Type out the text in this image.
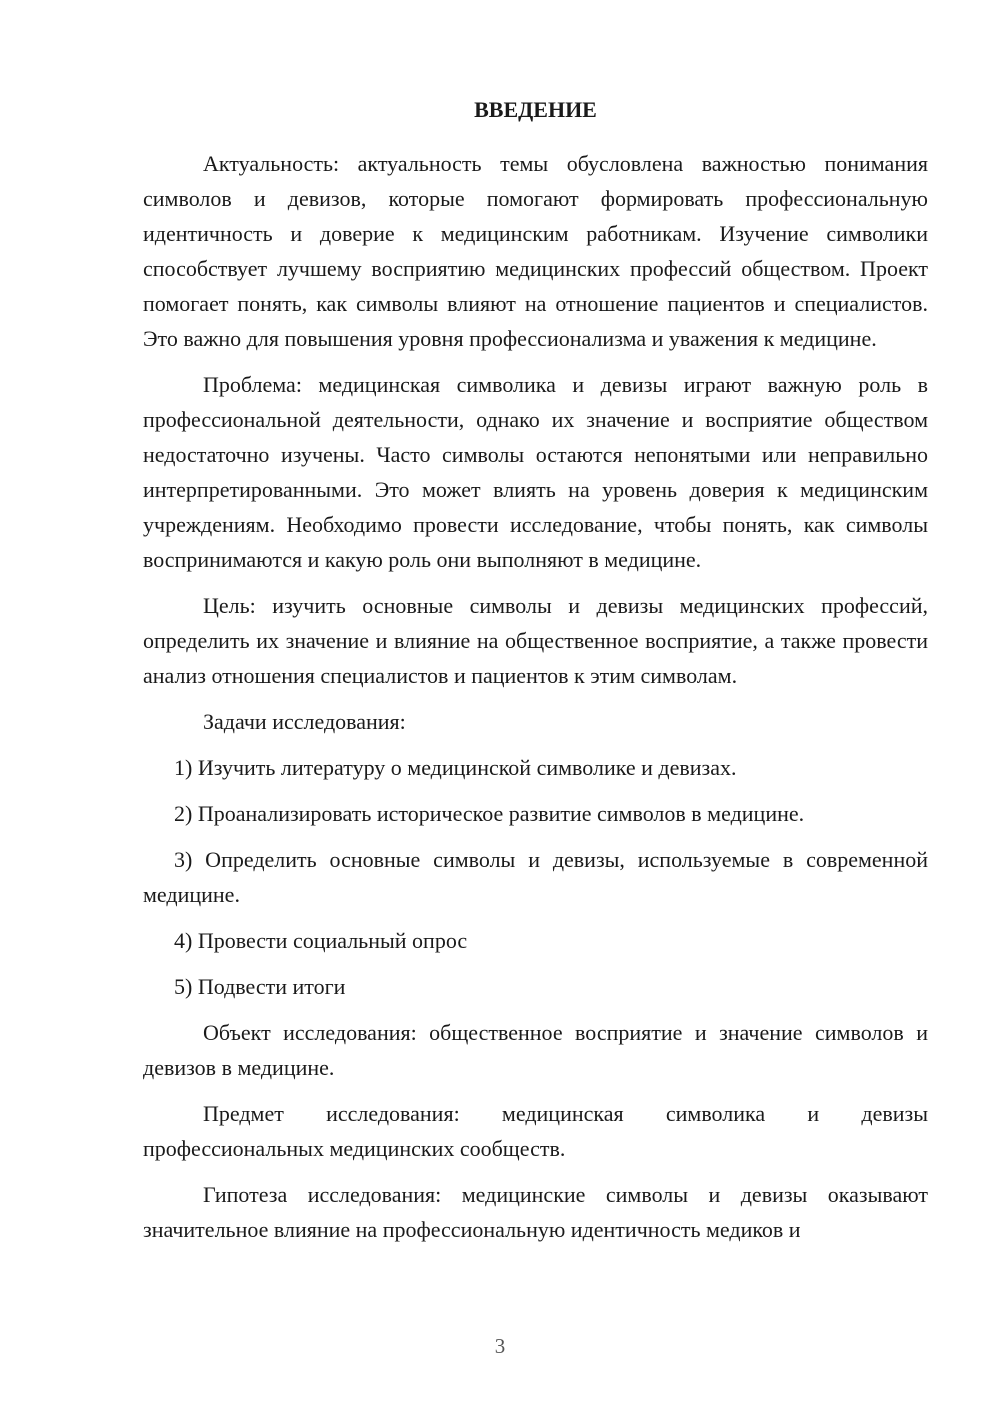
ВВЕДЕНИЕ

Актуальность: актуальность темы обусловлена важностью понимания символов и девизов, которые помогают формировать профессиональную идентичность и доверие к медицинским работникам. Изучение символики способствует лучшему восприятию медицинских профессий обществом. Проект помогает понять, как символы влияют на отношение пациентов и специалистов. Это важно для повышения уровня профессионализма и уважения к медицине.

Проблема: медицинская символика и девизы играют важную роль в профессиональной деятельности, однако их значение и восприятие обществом недостаточно изучены. Часто символы остаются непонятыми или неправильно интерпретированными. Это может влиять на уровень доверия к медицинским учреждениям. Необходимо провести исследование, чтобы понять, как символы воспринимаются и какую роль они выполняют в медицине.

Цель: изучить основные символы и девизы медицинских профессий, определить их значение и влияние на общественное восприятие, а также провести анализ отношения специалистов и пациентов к этим символам.

Задачи исследования:

1) Изучить литературу о медицинской символике и девизах.

2) Проанализировать историческое развитие символов в медицине.

3) Определить основные символы и девизы, используемые в современной медицине.

4) Провести социальный опрос

5) Подвести итоги

Объект исследования: общественное восприятие и значение символов и девизов в медицине.

Предмет исследования: медицинская символика и девизы профессиональных медицинских сообществ.

Гипотеза исследования: медицинские символы и девизы оказывают значительное влияние на профессиональную идентичность медиков и

3
